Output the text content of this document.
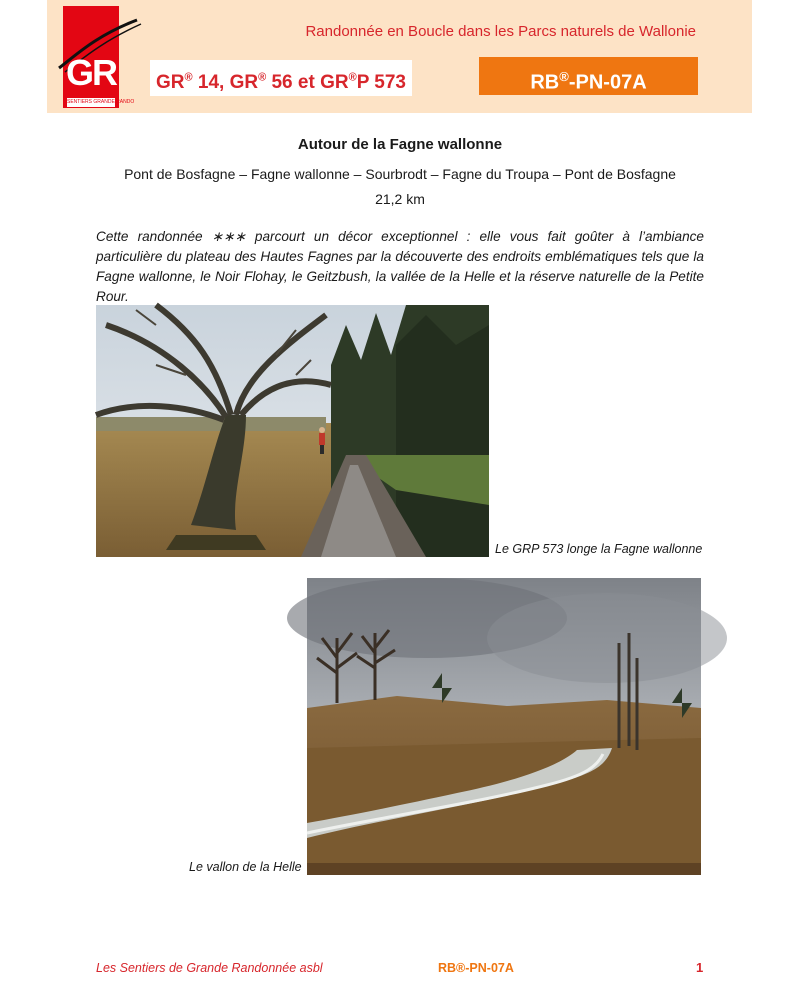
GR
SENTIERS GRANDE RANDO
Randonnée en Boucle dans les Parcs naturels de Wallonie
GR® 14, GR® 56 et GR®P 573	RB®-PN-07A
Autour de la Fagne wallonne
Pont de Bosfagne – Fagne wallonne – Sourbrodt – Fagne du Troupa – Pont de Bosfagne
21,2 km
Cette randonnée ∗∗∗ parcourt un décor exceptionnel : elle vous fait goûter à l’ambiance particulière du plateau des Hautes Fagnes par la découverte des endroits emblématiques tels que la Fagne wallonne, le Noir Flohay, le Geitzbush, la vallée de la Helle et la réserve naturelle de la Petite Rour.
Le GRP 573 longe la Fagne wallonne
Le vallon de la Helle
Les Sentiers de Grande Randonnée asbl	RB®-PN-07A	1
